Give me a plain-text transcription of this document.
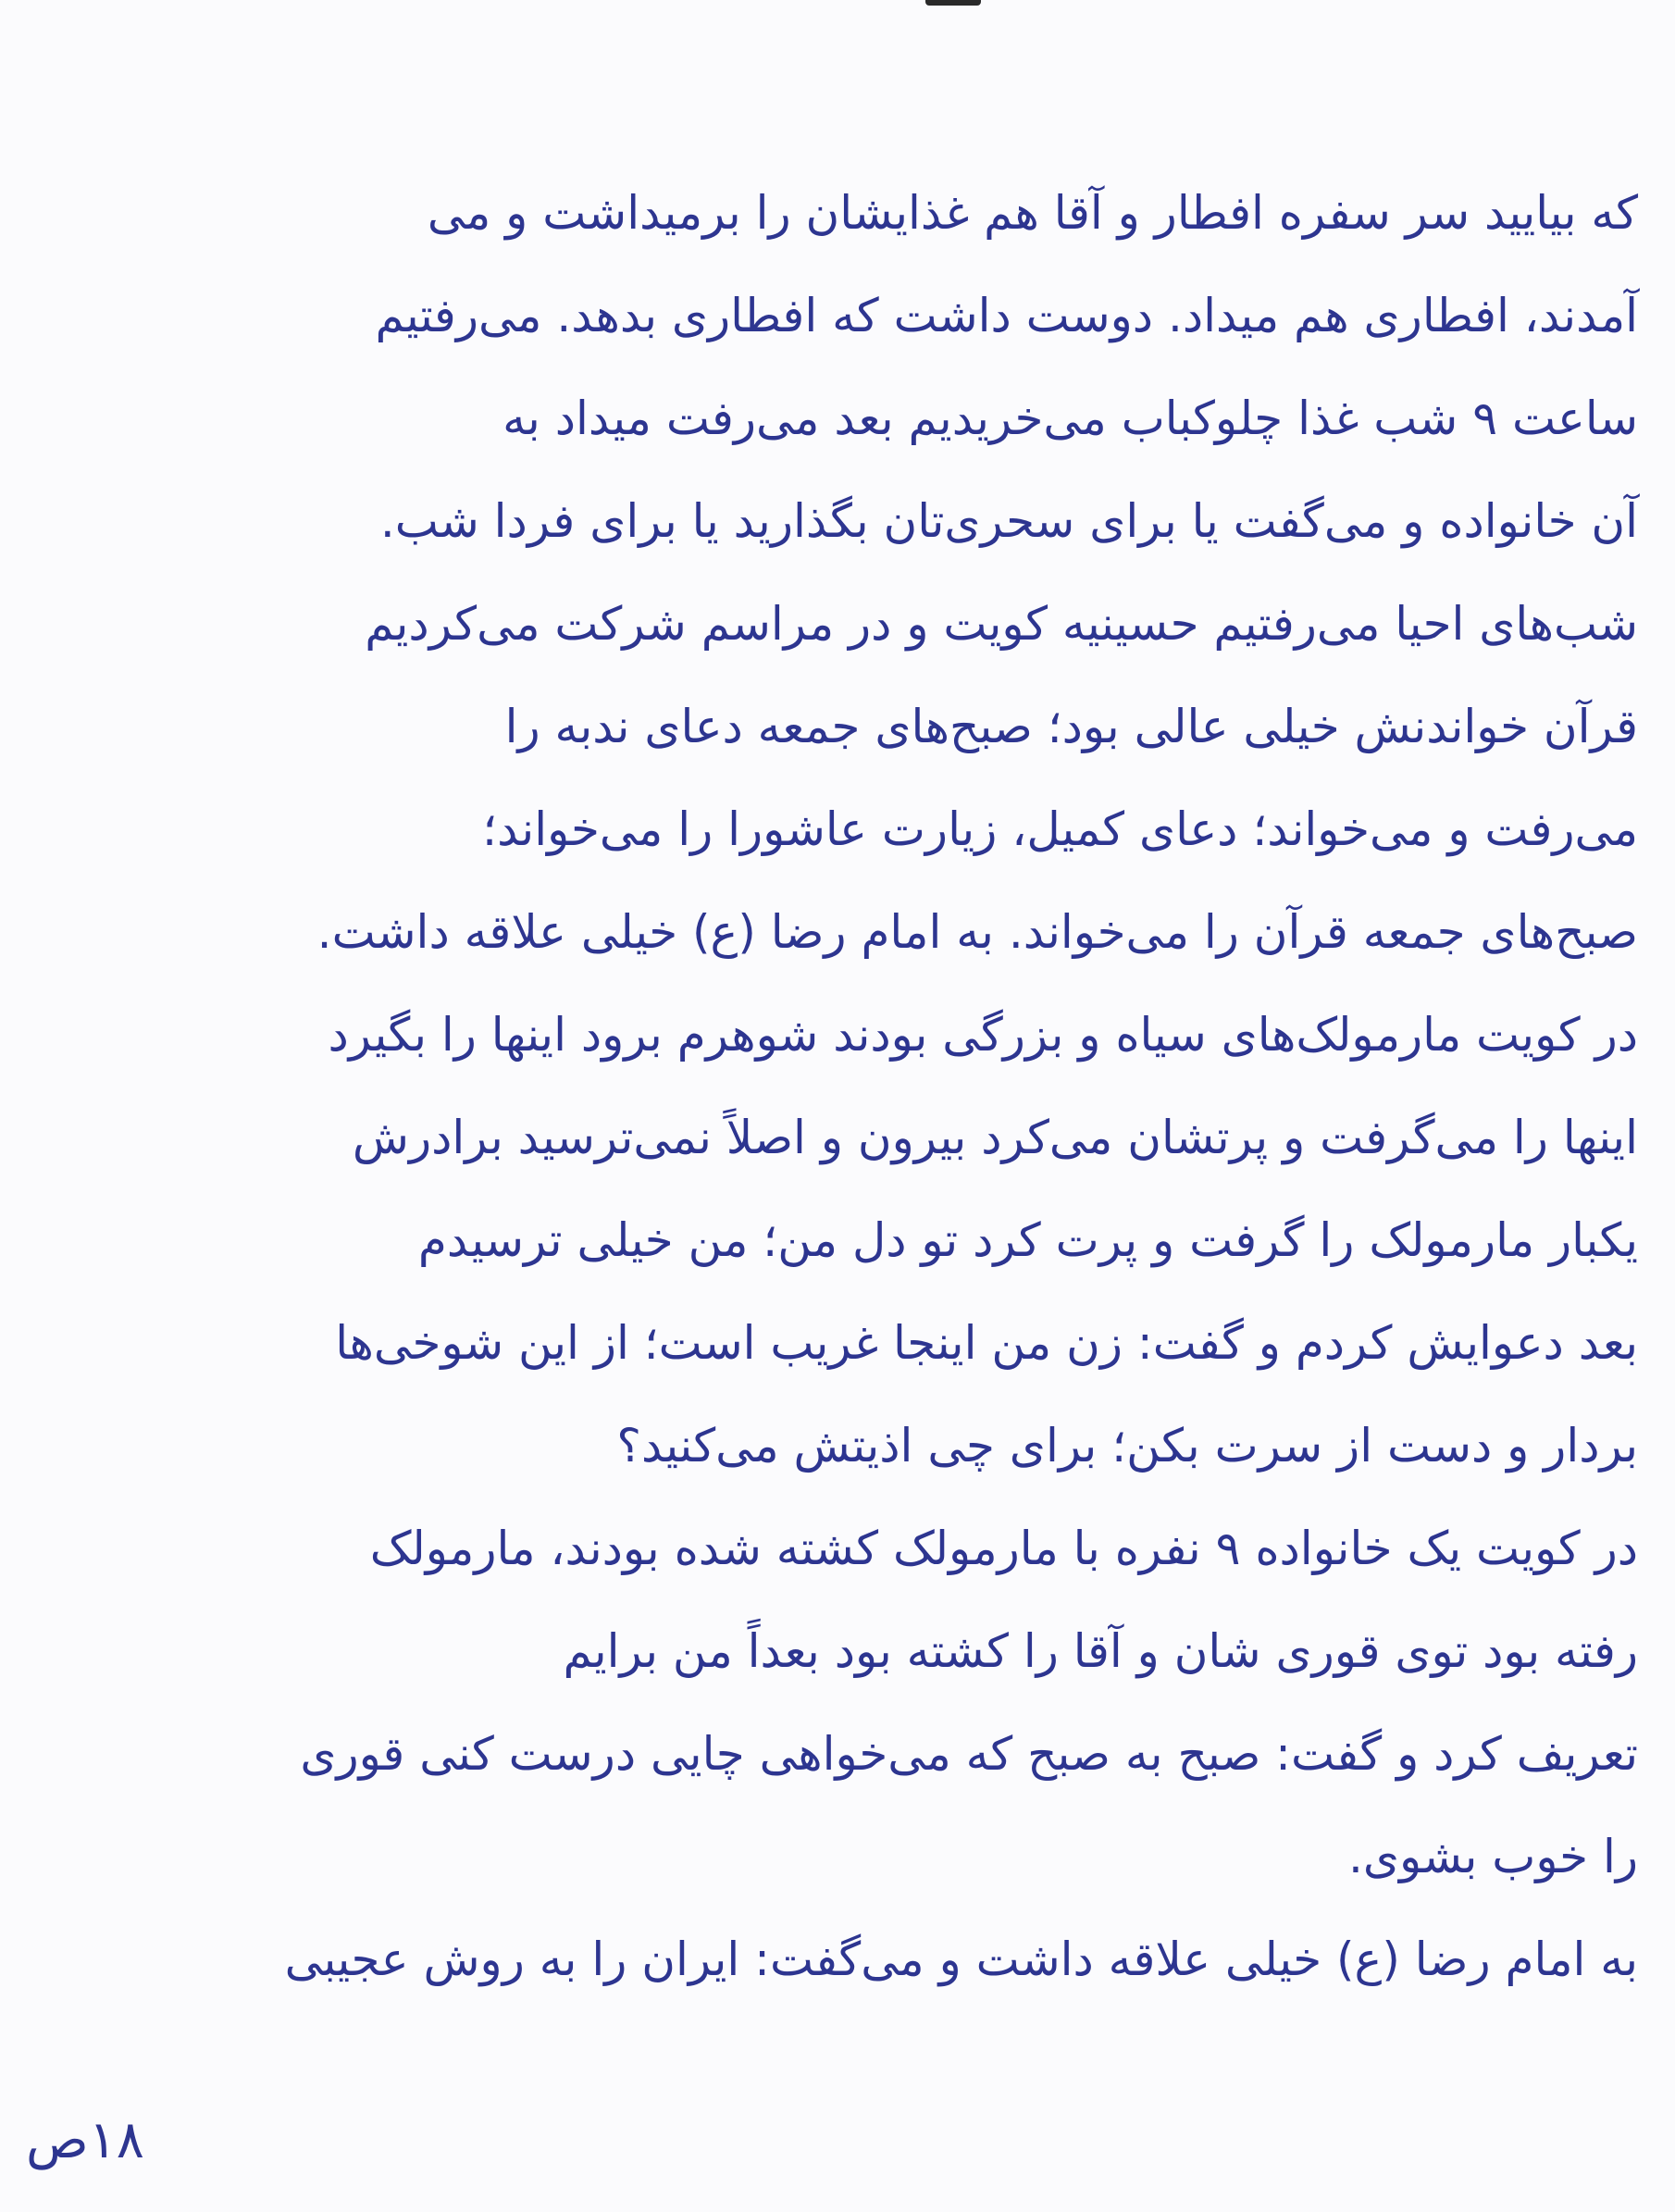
که بیایید سر سفره افطار و آقا هم غذایشان را برمیداشت و می‌
آمدند، افطاری هم میداد. دوست داشت که افطاری بدهد. می‌رفتیم
ساعت ۹ شب غذا چلوکباب می‌خریدیم بعد می‌رفت میداد به
آن خانواده و می‌گفت یا برای سحری‌تان بگذارید یا برای فردا شب.
شب‌های احیا می‌رفتیم حسینیه کویت و در مراسم شرکت می‌کردیم
قرآن خواندنش خیلی عالی بود؛ صبح‌های جمعه دعای ندبه را
می‌رفت و می‌خواند؛ دعای کمیل، زیارت عاشورا را می‌خواند؛
صبح‌های جمعه قرآن را می‌خواند. به امام رضا (ع) خیلی علاقه داشت.
در کویت مارمولک‌های سیاه و بزرگی بودند شوهرم برود اینها را بگیرد
اینها را می‌گرفت و پرتشان می‌کرد بیرون و اصلاً نمی‌ترسید برادرش
یکبار مارمولک را گرفت و پرت کرد تو دل من؛ من خیلی ترسیدم
بعد دعوایش کردم و گفت: زن من اینجا غریب است؛ از این شوخی‌ها
بردار و دست از سرت بکن؛ برای چی اذیتش می‌کنید؟
در کویت یک خانواده ۹ نفره با مارمولک کشته شده بودند، مارمولک
رفته بود توی قوری شان و آقا را کشته بود بعداً من برایم
تعریف کرد و گفت: صبح به صبح که می‌خواهی چایی درست کنی قوری
را خوب بشوی.
به امام رضا (ع) خیلی علاقه داشت و می‌گفت: ایران را به روش عجیبی
۱۸ص
